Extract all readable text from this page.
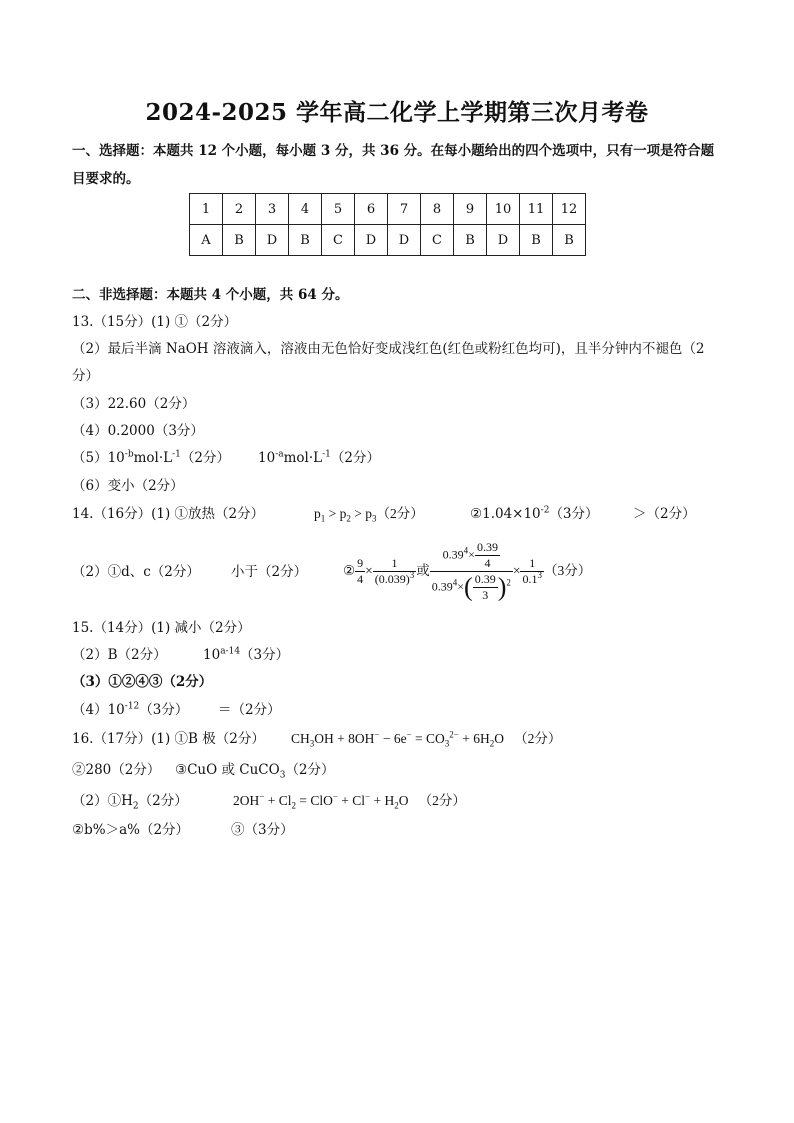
2024-2025 学年高二化学上学期第三次月考卷
一、选择题：本题共 12 个小题，每小题 3 分，共 36 分。在每小题给出的四个选项中，只有一项是符合题
目要求的。
1	2	3	4	5	6	7	8	9	10	11	12
A	B	D	B	C	D	D	C	B	D	B	B
二、非选择题：本题共 4 个小题，共 64 分。
13.（15分）(1) ①（2分）
（2）最后半滴 NaOH 溶液滴入，溶液由无色恰好变成浅红色(红色或粉红色均可)，且半分钟内不褪色（2
分）
（3）22.60（2分）
（4）0.2000（3分）
$(5)10^{-b}mol\cdot L^{-1}(2$分） $10^{-a}mol\cdot L^{-1}(2$分）
（6）变小（2分）
14.（16分）(1) ①放热（2分）	$p_1 > p_2 > p_3(2$分）	$②1.04\times 10^{-2}(3$分）	＞（2分）
（2）①d、c（2分） 小于（2分）	② $\frac{9}{4} \times \frac{1}{(0.039)^3}$ 或 $\frac{0.39^4\times \frac{0.39}{4}}{0.39^4\times( \frac{0.39}{3} )^2} \times \frac{1}{0.1^3} (3$分）
15.（14分）(1) 减小（2分）
（2）B（2分）	10$^{a-14}$（3分）
（3）①②④③（2分）
$(4)10^{-12}(3$分） ＝（2分）
16.（17分）(1) ①B 极（2分） $CH_3OH + 8OH^- - 6e^- = CO_3^{2-} + 6H_2O$   （2分）
②280（2分） ③CuO 或 CuCO$_3$（2分）
$(2)①H_2(2$分）	$2OH^- + Cl_2 = ClO^- + Cl^- + H_2O$   （2分）
②b%＞a%（2分）	③（3分）
